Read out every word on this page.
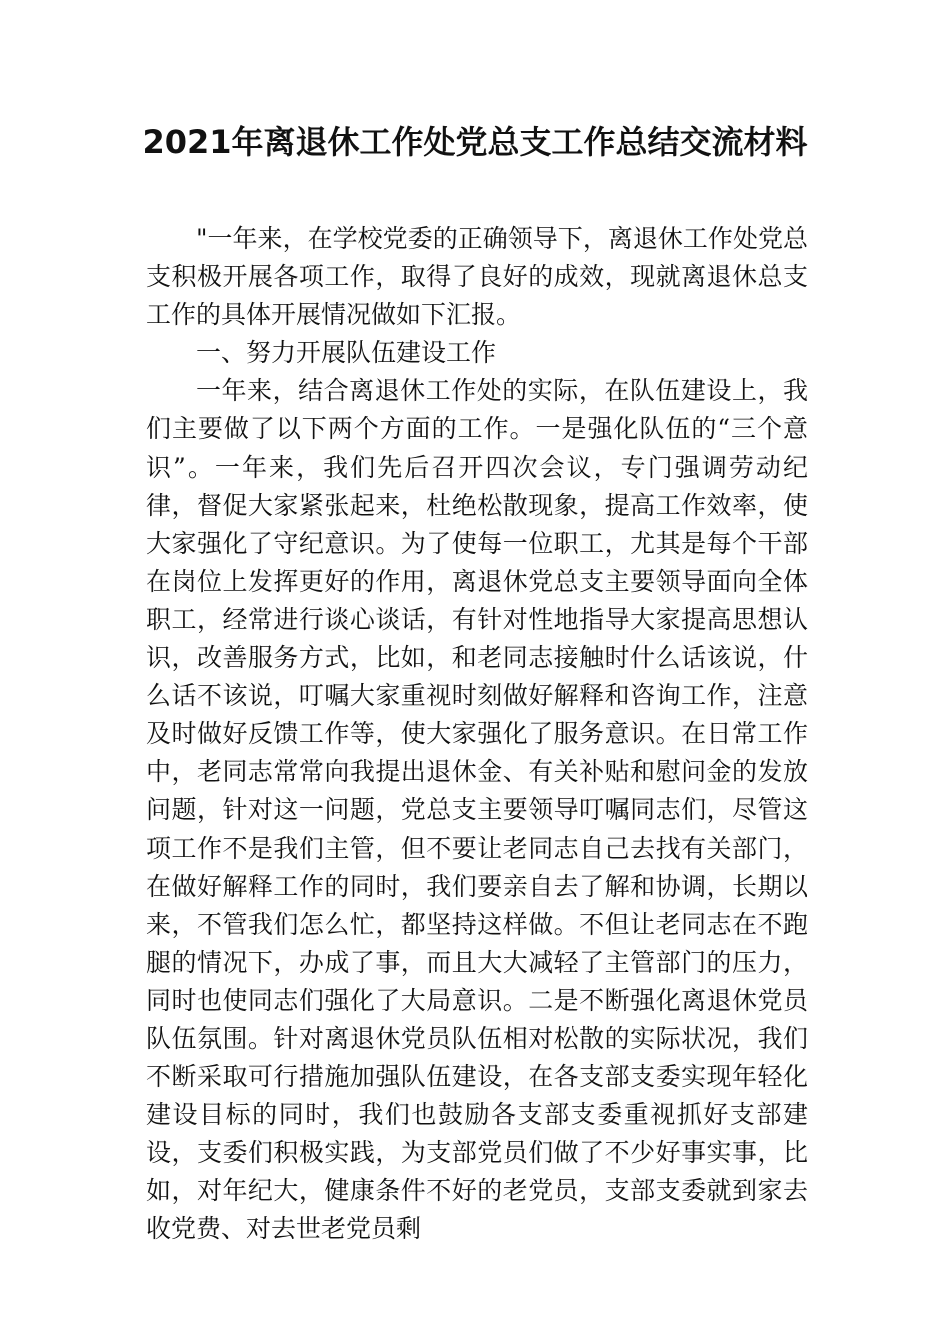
2021年离退休工作处党总支工作总结交流材料

"一年来，在学校党委的正确领导下，离退休工作处党总支积极开展各项工作，取得了良好的成效，现就离退休总支工作的具体开展情况做如下汇报。

一、努力开展队伍建设工作

一年来，结合离退休工作处的实际，在队伍建设上，我们主要做了以下两个方面的工作。一是强化队伍的“三个意识”。一年来，我们先后召开四次会议，专门强调劳动纪律，督促大家紧张起来，杜绝松散现象，提高工作效率，使大家强化了守纪意识。为了使每一位职工，尤其是每个干部在岗位上发挥更好的作用，离退休党总支主要领导面向全体职工，经常进行谈心谈话，有针对性地指导大家提高思想认识，改善服务方式，比如，和老同志接触时什么话该说，什么话不该说，叮嘱大家重视时刻做好解释和咨询工作，注意及时做好反馈工作等，使大家强化了服务意识。在日常工作中，老同志常常向我提出退休金、有关补贴和慰问金的发放问题，针对这一问题，党总支主要领导叮嘱同志们，尽管这项工作不是我们主管，但不要让老同志自己去找有关部门，在做好解释工作的同时，我们要亲自去了解和协调，长期以来，不管我们怎么忙，都坚持这样做。不但让老同志在不跑腿的情况下，办成了事，而且大大减轻了主管部门的压力，同时也使同志们强化了大局意识。二是不断强化离退休党员队伍氛围。针对离退休党员队伍相对松散的实际状况，我们不断采取可行措施加强队伍建设，在各支部支委实现年轻化建设目标的同时，我们也鼓励各支部支委重视抓好支部建设，支委们积极实践，为支部党员们做了不少好事实事，比如，对年纪大，健康条件不好的老党员，支部支委就到家去收党费、对去世老党员剩
